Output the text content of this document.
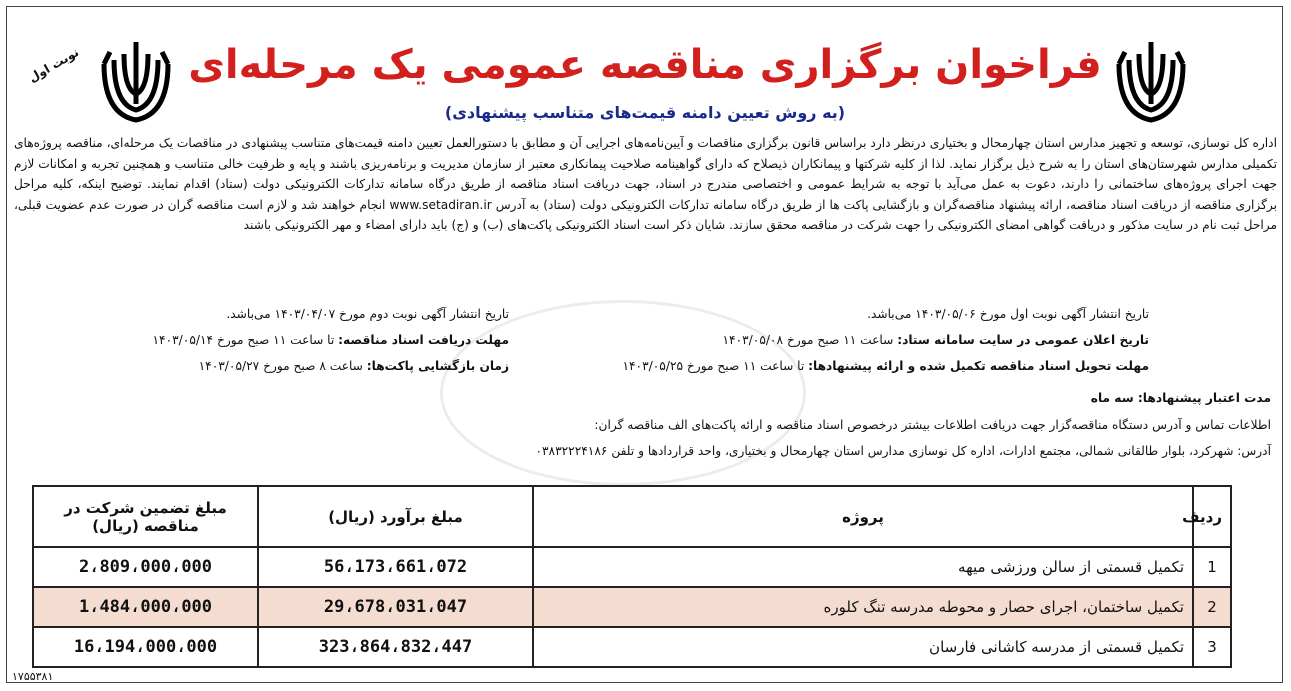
نوبت اول	فراخوان برگزاری مناقصه عمومی یک مرحله‌ای
(به روش تعیین دامنه قیمت‌های متناسب پیشنهادی)
اداره کل نوسازی، توسعه و تجهیز مدارس استان چهارمحال و بختیاری درنظر دارد براساس قانون برگزاری مناقصات و آیین‌نامه‌های اجرایی آن و مطابق با دستورالعمل تعیین دامنه قیمت‌های متناسب پیشنهادی در مناقصات یک مرحله‌ای، مناقصه پروژه‌های تکمیلی مدارس شهرستان‌های استان را به شرح ذیل برگزار نماید. لذا از کلیه شرکتها و پیمانکاران ذیصلاح که دارای گواهینامه صلاحیت پیمانکاری معتبر از سازمان مدیریت و برنامه‌ریزی باشند و پایه و ظرفیت خالی متناسب و همچنین تجربه و امکانات لازم جهت اجرای پروژه‌های ساختمانی را دارند، دعوت به عمل می‌آید با توجه به شرایط عمومی و اختصاصی مندرج در اسناد، جهت دریافت اسناد مناقصه از طریق درگاه سامانه تدارکات الکترونیکی دولت (ستاد) اقدام نمایند. توضیح اینکه، کلیه مراحل برگزاری مناقصه از دریافت اسناد مناقصه، ارائه پیشنهاد مناقصه‌گران و بازگشایی پاکت ها از طریق درگاه سامانه تدارکات الکترونیکی دولت (ستاد) به آدرس www.setadiran.ir انجام خواهند شد و لازم است مناقصه گران در صورت عدم عضویت قبلی، مراحل ثبت نام در سایت مذکور و دریافت گواهی امضای الکترونیکی را جهت شرکت در مناقصه محقق سازند. شایان ذکر است اسناد الکترونیکی پاکت‌های (ب) و (ج) باید دارای امضاء و مهر الکترونیکی باشند
تاریخ انتشار آگهی نوبت اول مورخ ۱۴۰۳/۰۵/۰۶ می‌باشد.
تاریخ انتشار آگهی نوبت دوم مورخ ۱۴۰۳/۰۴/۰۷ می‌باشد.
تاریخ اعلان عمومی در سایت سامانه ستاد: ساعت ۱۱ صبح مورخ ۱۴۰۳/۰۵/۰۸
مهلت دریافت اسناد مناقصه: تا ساعت ۱۱ صبح مورخ ۱۴۰۳/۰۵/۱۴
مهلت تحویل اسناد مناقصه تکمیل شده و ارائه پیشنهادها: تا ساعت ۱۱ صبح مورخ ۱۴۰۳/۰۵/۲۵
زمان بازگشایی پاکت‌ها: ساعت ۸ صبح مورخ ۱۴۰۳/۰۵/۲۷
مدت اعتبار پیشنهادها: سه ماه
اطلاعات تماس و آدرس دستگاه مناقصه‌گزار جهت دریافت اطلاعات بیشتر درخصوص اسناد مناقصه و ارائه پاکت‌های الف مناقصه گران:
آدرس: شهرکرد، بلوار طالقانی شمالی، مجتمع ادارات، اداره کل نوسازی مدارس استان چهارمحال و بختیاری، واحد قراردادها و تلفن ۰۳۸۳۲۲۲۴۱۸۶
ردیف	پروژه	مبلغ برآورد (ریال)	مبلغ تضمین شرکت در مناقصه (ریال)
1	تکمیل قسمتی از سالن ورزشی میهه	56،173،661،072	2،809،000،000
2	تکمیل ساختمان، اجرای حصار و محوطه مدرسه تنگ کلوره	29،678،031،047	1،484،000،000
3	تکمیل قسمتی از مدرسه کاشانی فارسان	323،864،832،447	16،194،000،000
۱۷۵۵۳۸۱
